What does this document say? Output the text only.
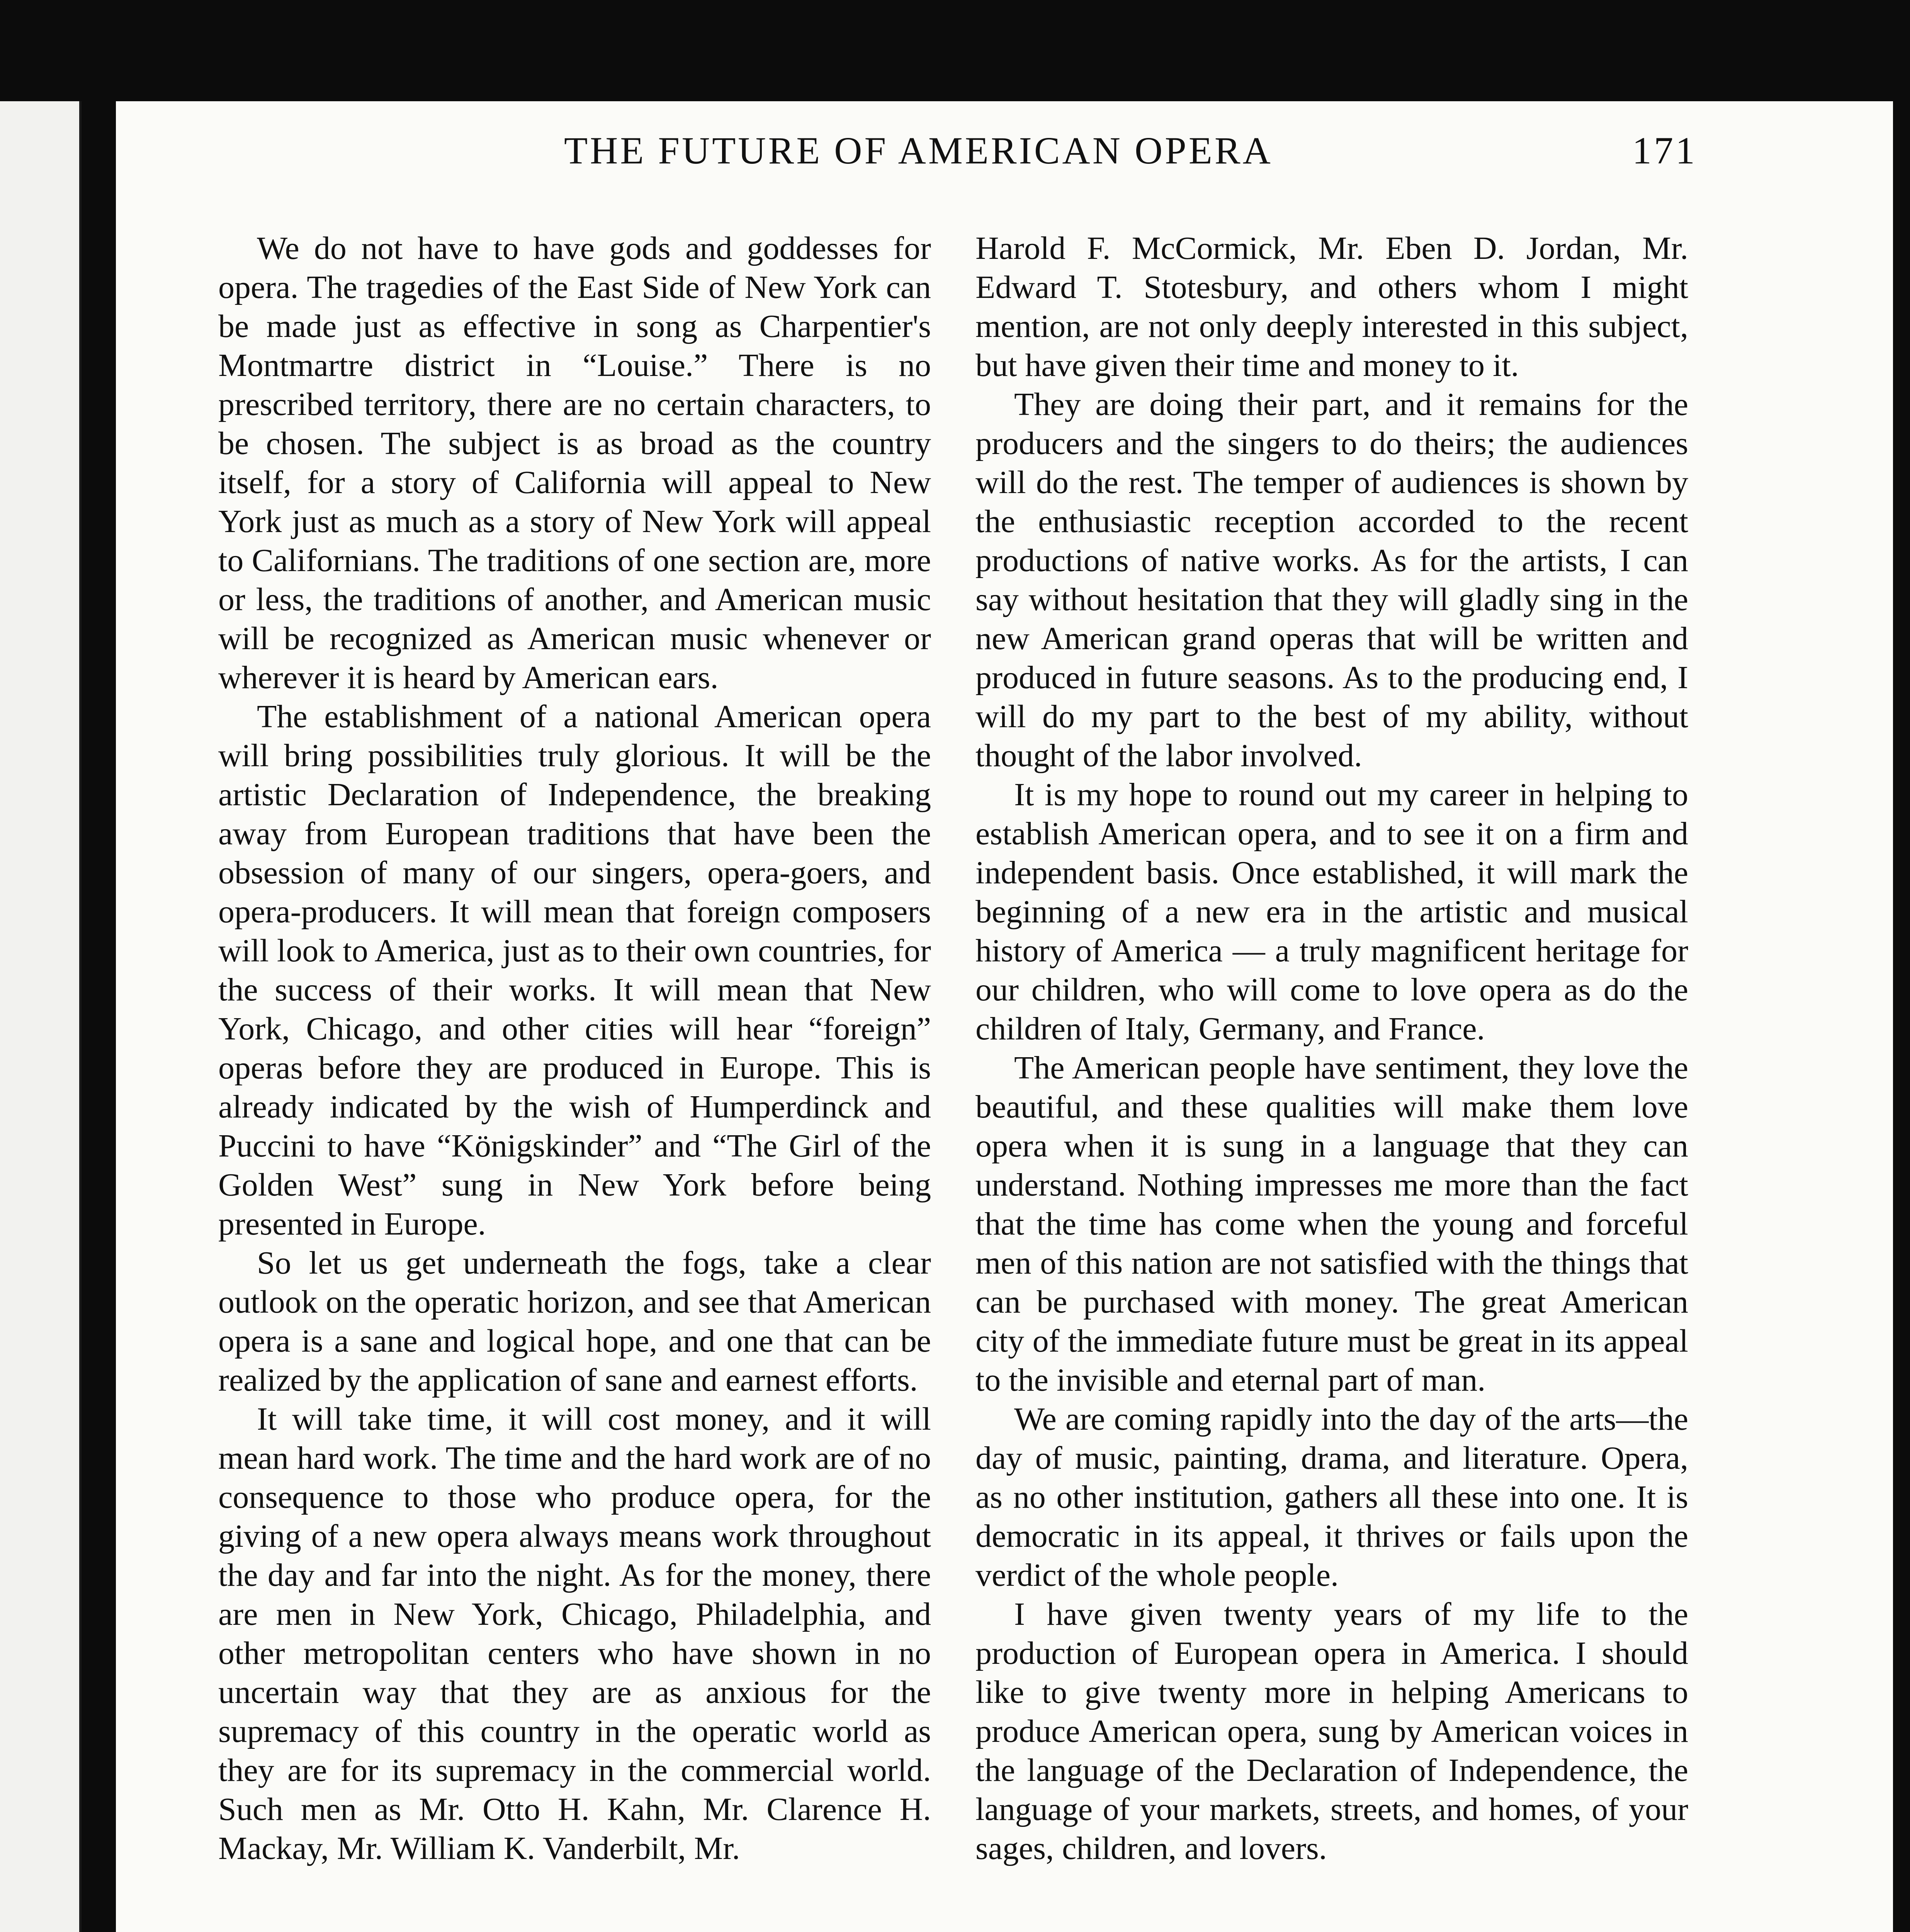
THE FUTURE OF AMERICAN OPERA	171

We do not have to have gods and goddesses for opera. The tragedies of the East Side of New York can be made just as effective in song as Charpentier's Montmartre district in “Louise.” There is no prescribed territory, there are no certain characters, to be chosen. The subject is as broad as the country itself, for a story of California will appeal to New York just as much as a story of New York will appeal to Californians. The traditions of one section are, more or less, the traditions of another, and American music will be recognized as American music whenever or wherever it is heard by American ears.

The establishment of a national American opera will bring possibilities truly glorious. It will be the artistic Declaration of Independence, the breaking away from European traditions that have been the obsession of many of our singers, opera-goers, and opera-producers. It will mean that foreign composers will look to America, just as to their own countries, for the success of their works. It will mean that New York, Chicago, and other cities will hear “foreign” operas before they are produced in Europe. This is already indicated by the wish of Humperdinck and Puccini to have “Königskinder” and “The Girl of the Golden West” sung in New York before being presented in Europe.

So let us get underneath the fogs, take a clear outlook on the operatic horizon, and see that American opera is a sane and logical hope, and one that can be realized by the application of sane and earnest efforts.

It will take time, it will cost money, and it will mean hard work. The time and the hard work are of no consequence to those who produce opera, for the giving of a new opera always means work throughout the day and far into the night. As for the money, there are men in New York, Chicago, Philadelphia, and other metropolitan centers who have shown in no uncertain way that they are as anxious for the supremacy of this country in the operatic world as they are for its supremacy in the commercial world. Such men as Mr. Otto H. Kahn, Mr. Clarence H. Mackay, Mr. William K. Vanderbilt, Mr.

Harold F. McCormick, Mr. Eben D. Jordan, Mr. Edward T. Stotesbury, and others whom I might mention, are not only deeply interested in this subject, but have given their time and money to it.

They are doing their part, and it remains for the producers and the singers to do theirs; the audiences will do the rest. The temper of audiences is shown by the enthusiastic reception accorded to the recent productions of native works. As for the artists, I can say without hesitation that they will gladly sing in the new American grand operas that will be written and produced in future seasons. As to the producing end, I will do my part to the best of my ability, without thought of the labor involved.

It is my hope to round out my career in helping to establish American opera, and to see it on a firm and independent basis. Once established, it will mark the beginning of a new era in the artistic and musical history of America — a truly magnificent heritage for our children, who will come to love opera as do the children of Italy, Germany, and France.

The American people have sentiment, they love the beautiful, and these qualities will make them love opera when it is sung in a language that they can understand. Nothing impresses me more than the fact that the time has come when the young and forceful men of this nation are not satisfied with the things that can be purchased with money. The great American city of the immediate future must be great in its appeal to the invisible and eternal part of man.

We are coming rapidly into the day of the arts—the day of music, painting, drama, and literature. Opera, as no other institution, gathers all these into one. It is democratic in its appeal, it thrives or fails upon the verdict of the whole people.

I have given twenty years of my life to the production of European opera in America. I should like to give twenty more in helping Americans to produce American opera, sung by American voices in the language of the Declaration of Independence, the language of your markets, streets, and homes, of your sages, children, and lovers.
